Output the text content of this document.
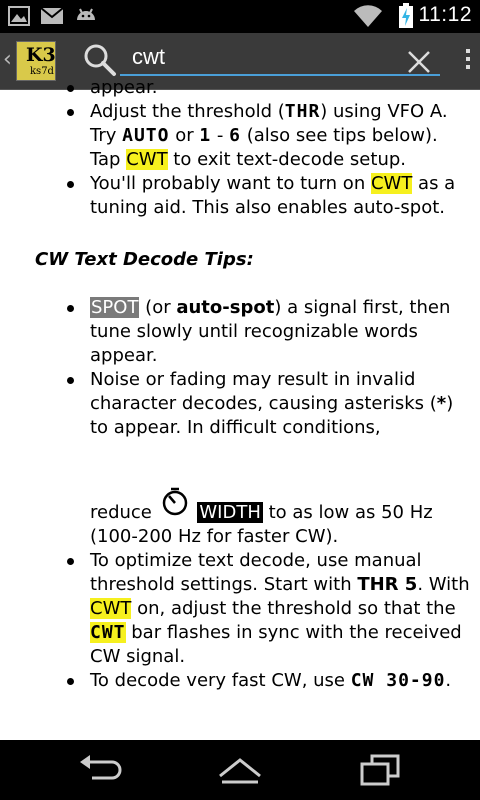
11:12
‹ K3
ks7d
cwt
appear.
Adjust the threshold (THR) using VFO A. Try AUTO or 1 - 6 (also see tips below). Tap CWT to exit text-decode setup.
You'll probably want to turn on CWT as a tuning aid. This also enables auto-spot.
CW Text Decode Tips:
SPOT (or auto-spot) a signal first, then tune slowly until recognizable words appear.
Noise or fading may result in invalid character decodes, causing asterisks (*) to appear. In difficult conditions,

reduce	WIDTH to as low as 50 Hz (100-200 Hz for faster CW).
To optimize text decode, use manual threshold settings. Start with THR 5. With CWT on, adjust the threshold so that the CWT bar flashes in sync with the received CW signal.
To decode very fast CW, use CW 30-90.
